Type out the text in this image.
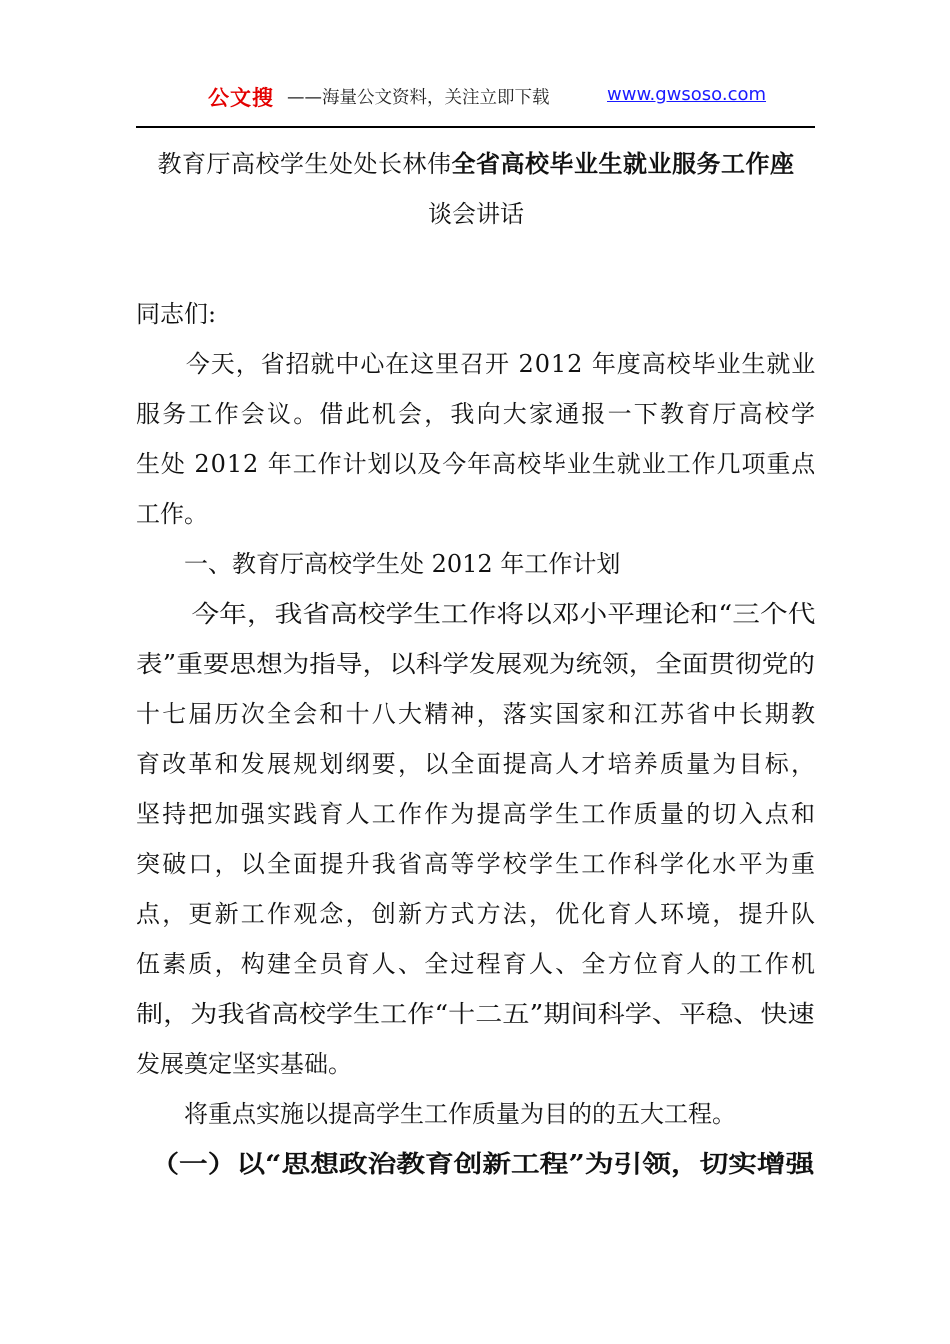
公文搜 ——海量公文资料，关注立即下载	www.gwsoso.com
教育厅高校学生处处长林伟全省高校毕业生就业服务工作座
谈会讲话
同志们:
　　今天，省招就中心在这里召开 2012 年度高校毕业生就业
服务工作会议。借此机会，我向大家通报一下教育厅高校学
生处 2012 年工作计划以及今年高校毕业生就业工作几项重点
工作。
　　一、教育厅高校学生处 2012 年工作计划
　　今年，我省高校学生工作将以邓小平理论和“三个代
表”重要思想为指导，以科学发展观为统领，全面贯彻党的
十七届历次全会和十八大精神，落实国家和江苏省中长期教
育改革和发展规划纲要，以全面提高人才培养质量为目标，
坚持把加强实践育人工作作为提高学生工作质量的切入点和
突破口，以全面提升我省高等学校学生工作科学化水平为重
点，更新工作观念，创新方式方法，优化育人环境，提升队
伍素质，构建全员育人、全过程育人、全方位育人的工作机
制，为我省高校学生工作“十二五”期间科学、平稳、快速
发展奠定坚实基础。
　　将重点实施以提高学生工作质量为目的的五大工程。
　（一）以“思想政治教育创新工程”为引领，切实增强
